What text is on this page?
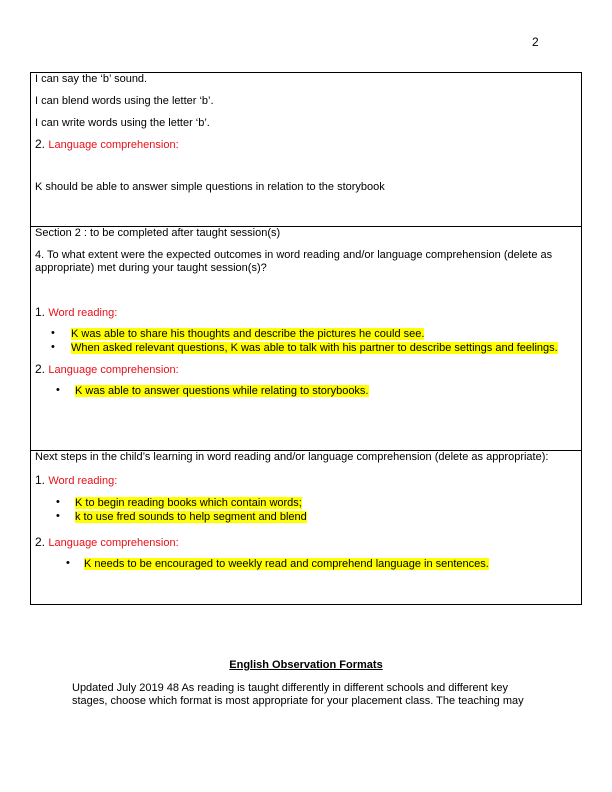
2
I can say the ‘b’ sound.
I can blend words using the letter ‘b’.
I can write words using the letter ‘b’.
2. Language comprehension:
K should be able to answer simple questions in relation to the storybook
Section 2 : to be completed after taught session(s)
4. To what extent were the expected outcomes in word reading and/or language comprehension (delete as appropriate) met during your taught session(s)?
1. Word reading:
• K was able to share his thoughts and describe the pictures he could see.
• When asked relevant questions, K was able to talk with his partner to describe settings and feelings.
2. Language comprehension:
• K was able to answer questions while relating to storybooks.
Next steps in the child’s learning in word reading and/or language comprehension (delete as appropriate):
1. Word reading:
• K to begin reading books which contain words;
• k to use fred sounds to help segment and blend
2. Language comprehension:
• K needs to be encouraged to weekly read and comprehend language in sentences.
English Observation Formats
Updated July 2019 48 As reading is taught differently in different schools and different key stages, choose which format is most appropriate for your placement class. The teaching may
